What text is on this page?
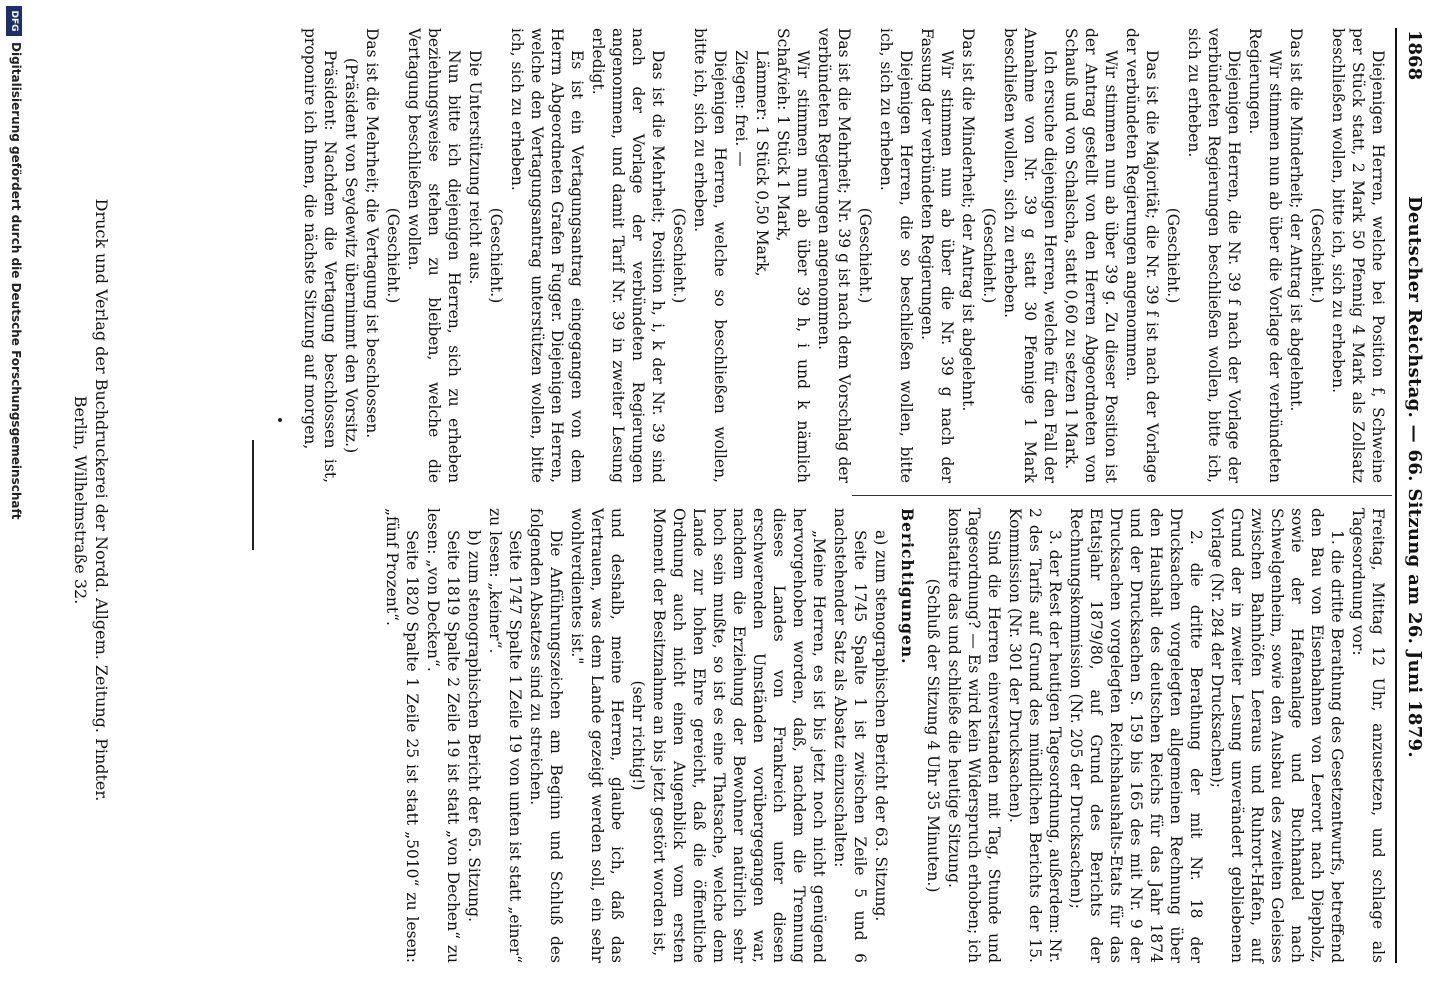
1868
Deutscher Reichstag. — 66. Sitzung am 26. Juni 1879.

Diejenigen Herren, welche bei Position f, Schweine per Stück statt, 2 Mark 50 Pfennig 4 Mark als Zollsatz beschließen wollen, bitte ich, sich zu erheben.

(Geschieht.)

Das ist die Minderheit; der Antrag ist abgelehnt.

Wir stimmen nun ab über die Vorlage der verbündeten Regierungen.

Diejenigen Herren, die Nr. 39 f nach der Vorlage der verbündeten Regierungen beschließen wollen, bitte ich, sich zu erheben.

(Geschieht.)

Das ist die Majorität; die Nr. 39 f ist nach der Vorlage der verbündeten Regierungen angenommen.

Wir stimmen nun ab über 39 g. Zu dieser Position ist der Antrag gestellt von den Herren Abgeordneten von Schauß und von Schalscha, statt 0,60 zu setzen 1 Mark.

Ich ersuche diejenigen Herren, welche für den Fall der Annahme von Nr. 39 g statt 30 Pfennige 1 Mark beschließen wollen, sich zu erheben.

(Geschieht.)

Das ist die Minderheit; der Antrag ist abgelehnt.

Wir stimmen nun ab über die Nr. 39 g nach der Fassung der verbündeten Regierungen.

Diejenigen Herren, die so beschließen wollen, bitte ich, sich zu erheben.

(Geschieht.)

Das ist die Mehrheit; Nr. 39 g ist nach dem Vorschlag der verbündeten Regierungen angenommen.

Wir stimmen nun ab über 39 h, i und k nämlich Schafvieh: 1 Stück 1 Mark,

Lämmer: 1 Stück 0,50 Mark,

Ziegen: frei. —

Diejenigen Herren, welche so beschließen wollen, bitte ich, sich zu erheben.

(Geschieht.)

Das ist die Mehrheit; Position h, i, k der Nr. 39 sind nach der Vorlage der verbündeten Regierungen angenommen, und damit Tarif Nr. 39 in zweiter Lesung erledigt.

Es ist ein Vertagungsantrag eingegangen von dem Herrn Abgeordneten Grafen Fugger. Diejenigen Herren, welche den Vertagungsantrag unterstützen wollen, bitte ich, sich zu erheben.

(Geschieht.)

Die Unterstützung reicht aus.

Nun bitte ich diejenigen Herren, sich zu erheben beziehungsweise stehen zu bleiben, welche die Vertagung beschließen wollen.

(Geschieht.)

Das ist die Mehrheit; die Vertagung ist beschlossen.

(Präsident von Seydewitz übernimmt den Vorsitz.)

Präsident: Nachdem die Vertagung beschlossen ist, proponire ich Ihnen, die nächste Sitzung auf morgen,

Freitag, Mittag 12 Uhr, anzusetzen, und schlage als Tagesordnung vor:

1. die dritte Berathung des Gesetzentwurfs, betreffend den Bau von Eisenbahnen von Leerort nach Diepholz, sowie der Hafenanlage und Buchhandel nach Schwelgenheim, sowie den Ausbau des zweiten Geleises zwischen Bahnhöfen Leeraus und Ruhrort-Hafen, auf Grund der in zweiter Lesung unverändert gebliebenen Vorlage (Nr. 284 der Drucksachen);

2. die dritte Berathung der mit Nr. 18 der Drucksachen vorgelegten allgemeinen Rechnung über den Haushalt des deutschen Reichs für das Jahr 1874 und der Drucksachen S. 159 bis 165 des mit Nr. 9 der Drucksachen vorgelegten Reichshaushalts-Etats für das Etatsjahr 1879/80, auf Grund des Berichts der Rechnungskommission (Nr. 205 der Drucksachen);

3. der Rest der heutigen Tagesordnung, außerdem: Nr. 2 des Tarifs auf Grund des mündlichen Berichts der 15. Kommission (Nr. 301 der Drucksachen).

Sind die Herren einverstanden mit Tag, Stunde und Tagesordnung? — Es wird kein Widerspruch erhoben; ich konstatire das und schließe die heutige Sitzung.

(Schluß der Sitzung 4 Uhr 35 Minuten.)

Berichtigungen.

a) zum stenographischen Bericht der 63. Sitzung.

Seite 1745 Spalte 1 ist zwischen Zeile 5 und 6 nachstehender Satz als Absatz einzuschalten:

„Meine Herren, es ist bis jetzt noch nicht genügend hervorgehoben worden, daß, nachdem die Trennung dieses Landes von Frankreich unter diesen erschwerenden Umständen vorübergegangen war, nachdem die Erziehung der Bewohner natürlich sehr hoch sein mußte, so ist es eine Thatsache, welche dem Lande zur hohen Ehre gereicht, daß die öffentliche Ordnung auch nicht einen Augenblick vom ersten Moment der Besitznahme an bis jetzt gestört worden ist,

(sehr richtig!)

und deshalb, meine Herren, glaube ich, daß das Vertrauen, was dem Lande gezeigt werden soll, ein sehr wohlverdientes ist."

Die Anführungszeichen am Beginn und Schluß des folgenden Absatzes sind zu streichen.

Seite 1747 Spalte 1 Zeile 19 von unten ist statt „einer“ zu lesen: „keiner“.

b) zum stenographischen Bericht der 65. Sitzung.

Seite 1819 Spalte 2 Zeile 19 ist statt „von Dechen“ zu lesen: „von Decken“.

Seite 1820 Spalte 1 Zeile 25 ist statt „5010“ zu lesen: „fünf Prozent“.

Druck und Verlag der Buchdruckerei der Nordd. Allgem. Zeitung. Pindter.
Berlin, Wilhelmstraße 32.
DFG
Digitalisierung gefördert durch die Deutsche Forschungsgemeinschaft
